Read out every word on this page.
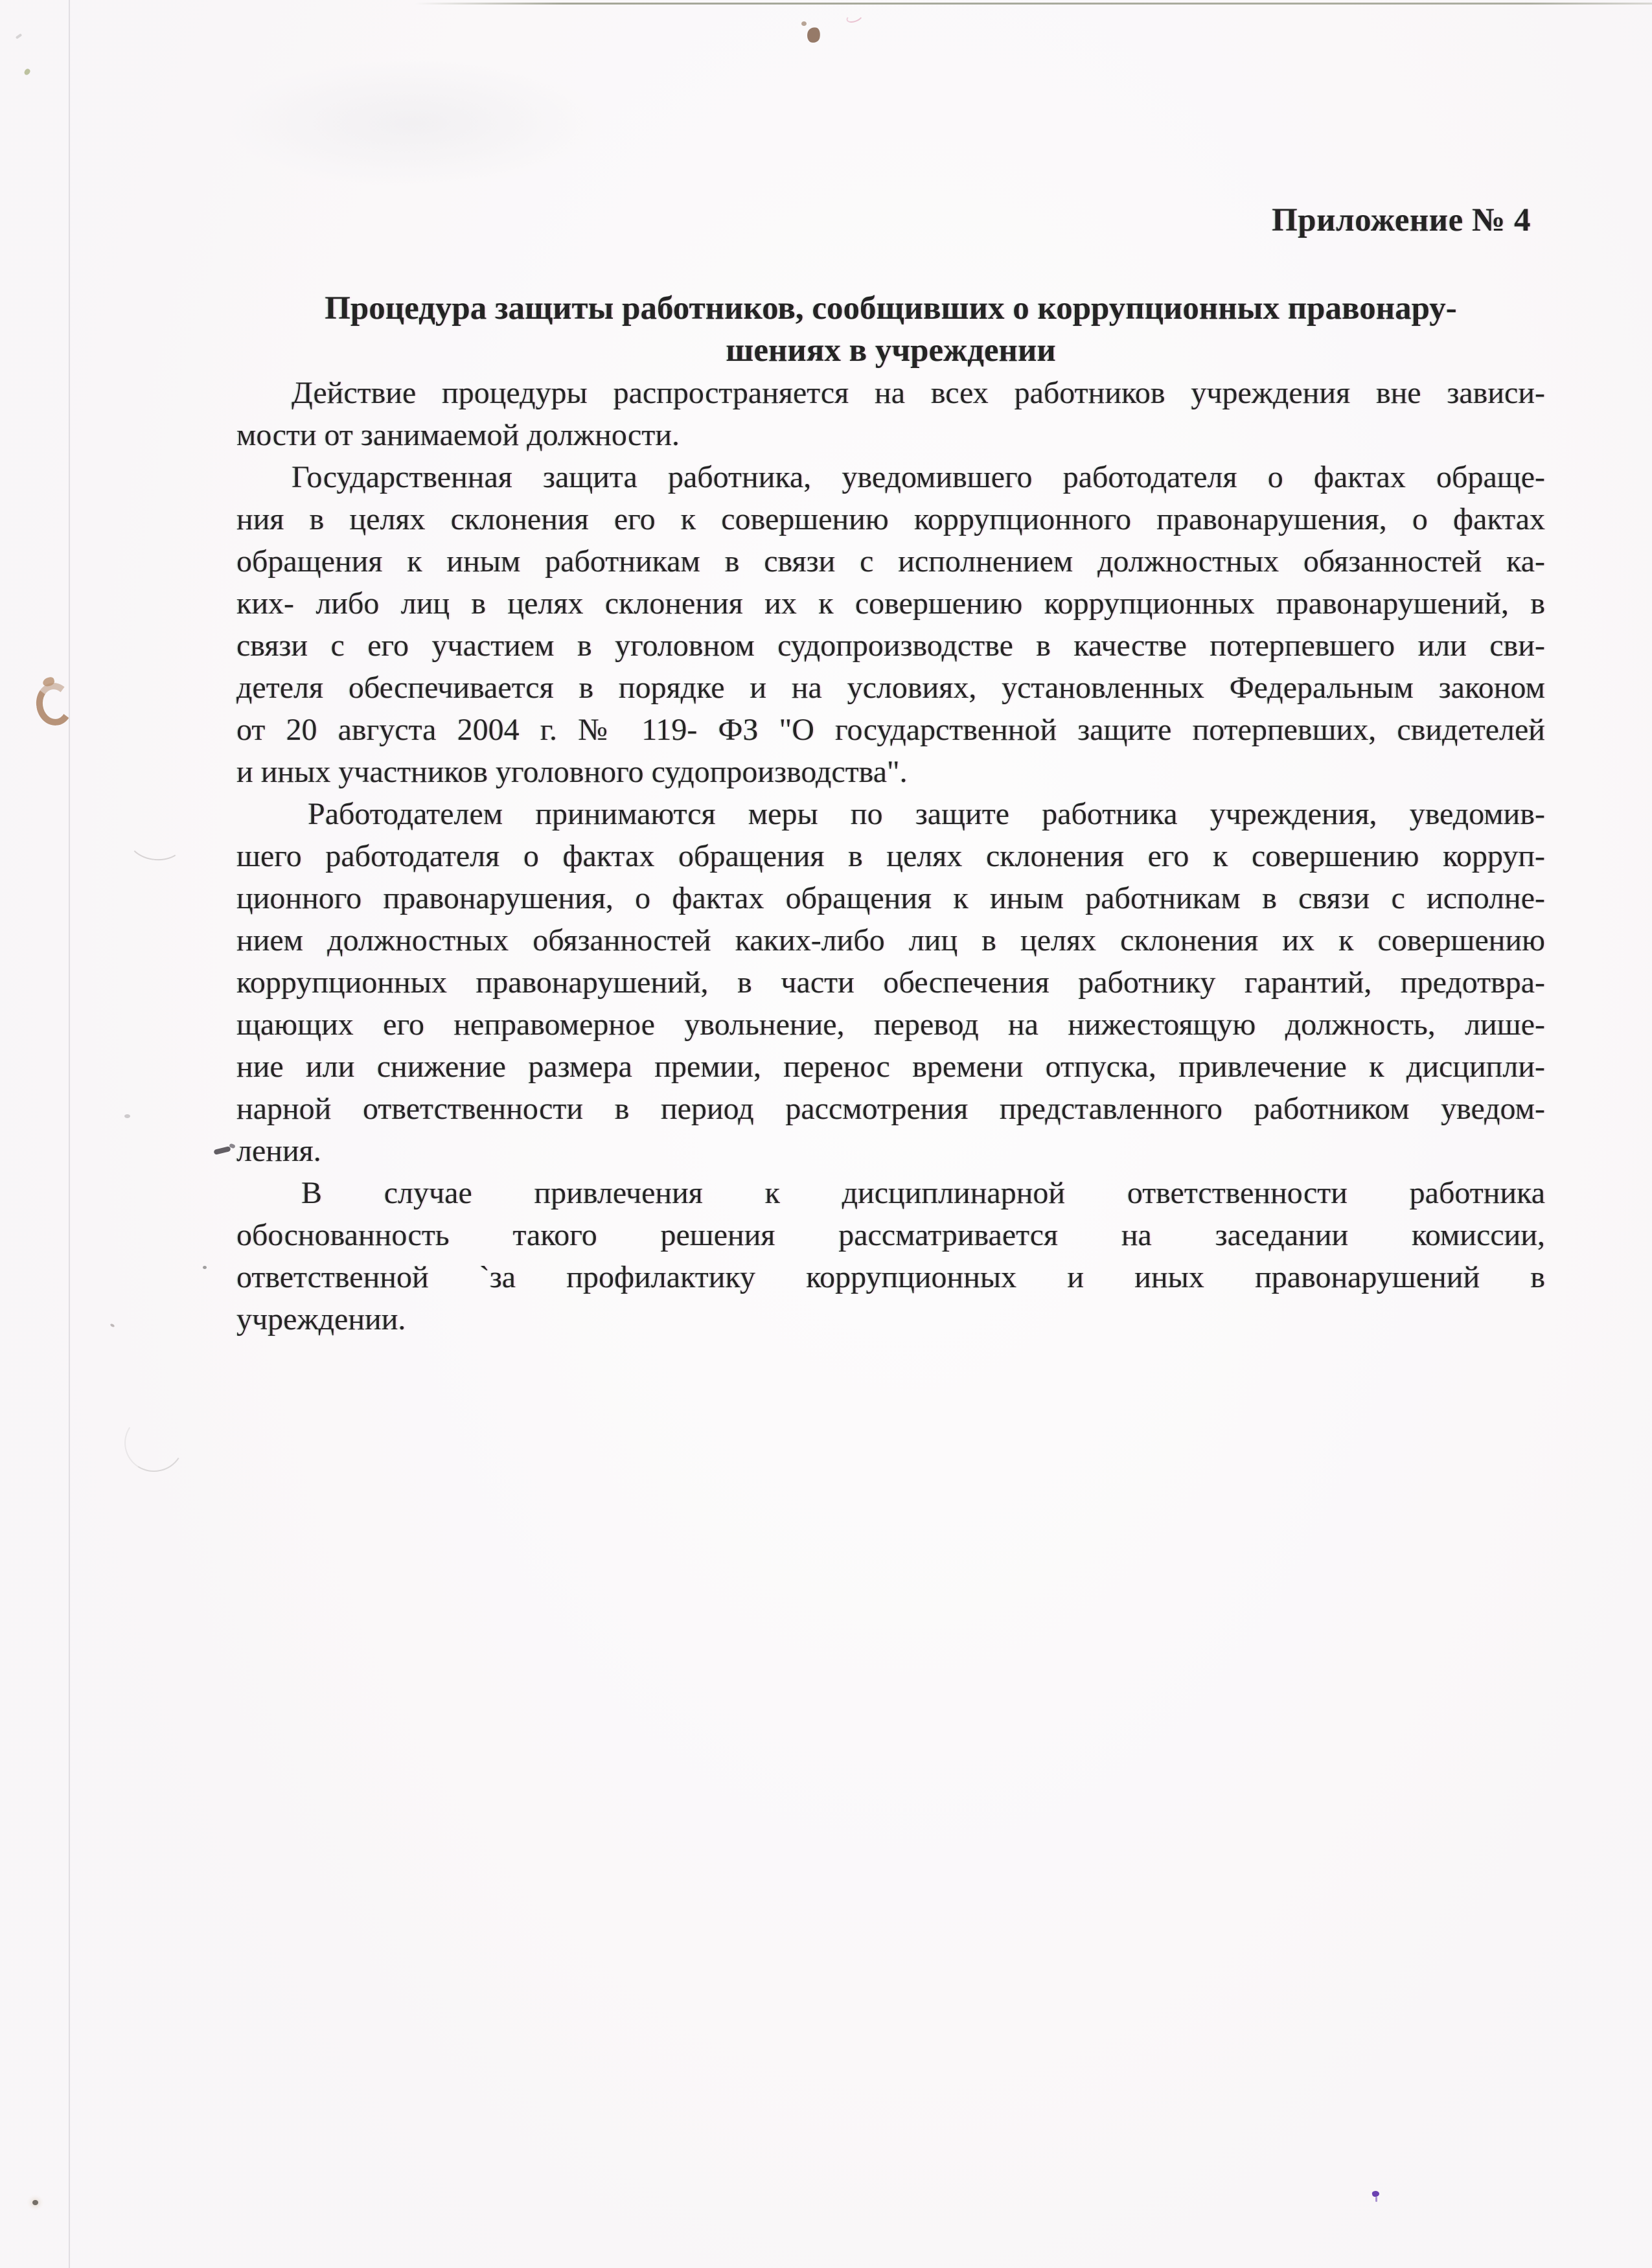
Приложение № 4
Процедура защиты работников, сообщивших о коррупционных правонару-
шениях в учреждении
Действие процедуры распространяется на всех работников учреждения вне зависи-
мости от занимаемой должности.
Государственная защита работника, уведомившего работодателя о фактах обраще-
ния в целях склонения его к совершению коррупционного правонарушения, о фактах
обращения к иным работникам в связи с исполнением должностных обязанностей ка-
ких- либо лиц в целях склонения их к совершению коррупционных правонарушений, в
связи с его участием в уголовном судопроизводстве в качестве потерпевшего или сви-
детеля обеспечивается в порядке и на условиях, установленных Федеральным законом
от 20 августа 2004 г. № 119- ФЗ "О государственной защите потерпевших, свидетелей
и иных участников уголовного судопроизводства".
Работодателем принимаются меры по защите работника учреждения, уведомив-
шего работодателя о фактах обращения в целях склонения его к совершению корруп-
ционного правонарушения, о фактах обращения к иным работникам в связи с исполне-
нием должностных обязанностей каких-либо лиц в целях склонения их к совершению
коррупционных правонарушений, в части обеспечения работнику гарантий, предотвра-
щающих его неправомерное увольнение, перевод на нижестоящую должность, лише-
ние или снижение размера премии, перенос времени отпуска, привлечение к дисципли-
нарной ответственности в период рассмотрения представленного работником уведом-
ления.
В случае привлечения к дисциплинарной ответственности работника
обоснованность такого решения рассматривается на заседании комиссии,
ответственной `за профилактику коррупционных и иных правонарушений в
учреждении.
